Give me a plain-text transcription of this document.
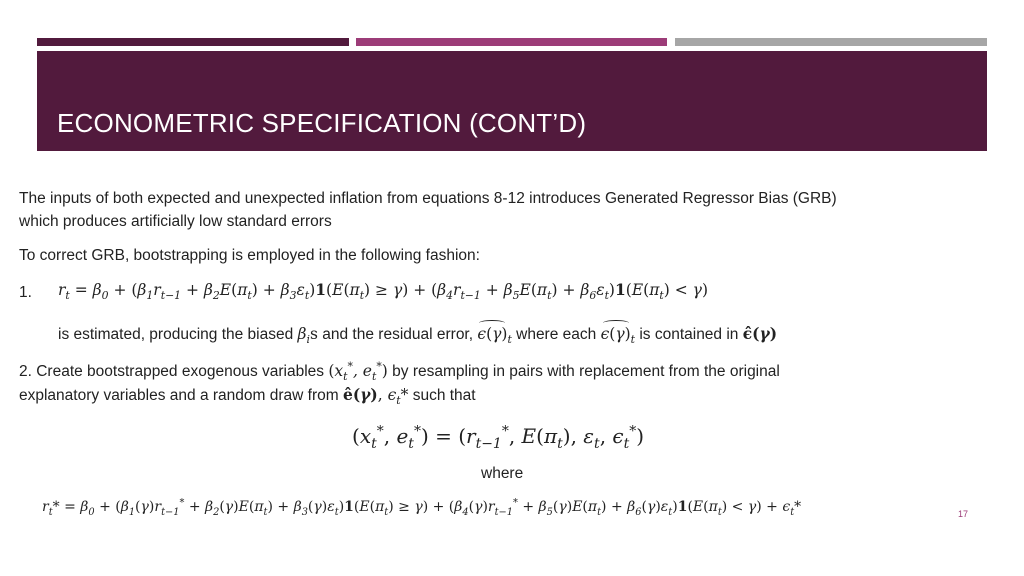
ECONOMETRIC SPECIFICATION (CONT’D)
The inputs of both expected and unexpected inflation from equations 8-12 introduces Generated Regressor Bias (GRB)
which produces artificially low standard errors
To correct GRB, bootstrapping is employed in the following fashion:
1. $r_t = \beta_0 + (\beta_1r_{t-1} + \beta_2E(\pi_t) + \beta_3\varepsilon_t)1(E(\pi_t) \ge \gamma) + (\beta_4r_{t-1} + \beta_5E(\pi_t) + \beta_6\varepsilon_t)1(E(\pi_t) < \gamma)$
is estimated, producing the biased $\beta_is$ and the residual error, $\epsilon(\gamma)_t$ where each $\epsilon(\gamma)_t$ is contained in ϵ̂(γ)
2. Create bootstrapped exogenous variables ($x_t^*$, $e_t^*$) by resampling in pairs with replacement from the original
explanatory variables and a random draw from ê(γ), $\epsilon_t*$ such that
($x_t^*$, $e_t^*) = (r_{t-1}^*$, $E(\pi_t)$, $\varepsilon_t$, $\epsilon_t^*$)
where
$r_t* = \beta_0 + (\beta_1(\gamma)r_{t-1}^* + \beta_2(\gamma)E(\pi_t) + \beta_3(\gamma)\varepsilon_t)1(E(\pi_t) \ge \gamma) + (\beta_4(\gamma)r_{t-1}^* + \beta_5(\gamma)E(\pi_t) + \beta_6(\gamma)\varepsilon_t)1(E(\pi_t) < \gamma) + \epsilon_t*$	17
